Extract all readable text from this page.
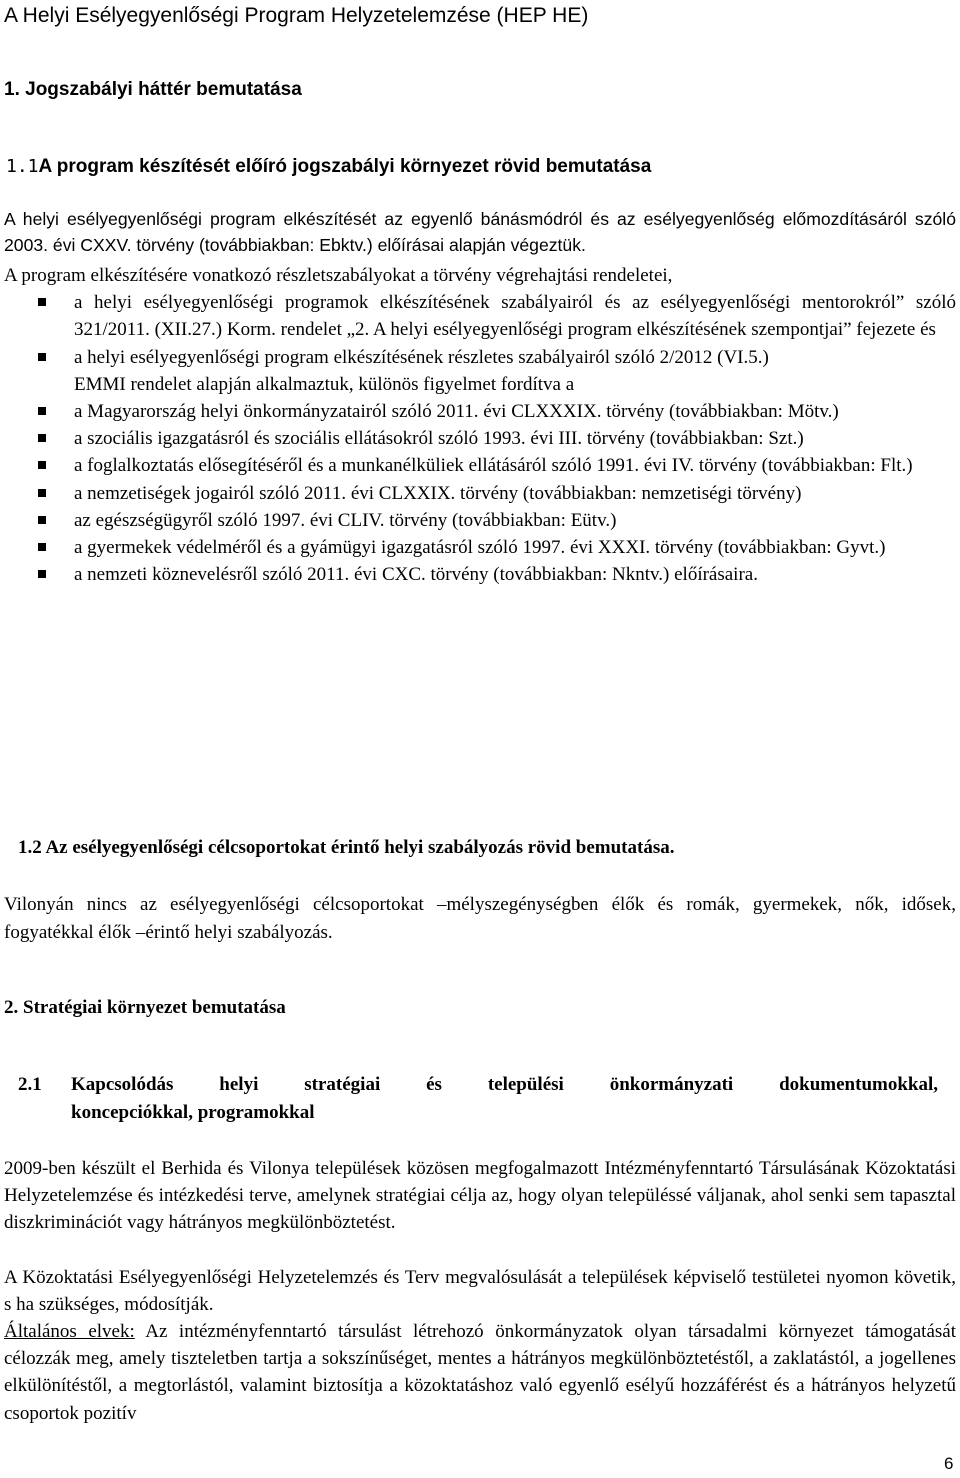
A Helyi Esélyegyenlőségi Program Helyzetelemzése (HEP HE)
1. Jogszabályi háttér bemutatása
1.1A program készítését előíró jogszabályi környezet rövid bemutatása
A helyi esélyegyenlőségi program elkészítését az egyenlő bánásmódról és az esélyegyenlőség előmozdításáról szóló 2003. évi CXXV. törvény (továbbiakban: Ebktv.) előírásai alapján végeztük.
A program elkészítésére vonatkozó részletszabályokat a törvény végrehajtási rendeletei,
a helyi esélyegyenlőségi programok elkészítésének szabályairól és az esélyegyenlőségi mentorokról” szóló 321/2011. (XII.27.) Korm. rendelet „2. A helyi esélyegyenlőségi program elkészítésének szempontjai” fejezete és
a helyi esélyegyenlőségi program elkészítésének részletes szabályairól szóló 2/2012 (VI.5.)
EMMI rendelet alapján alkalmaztuk, különös figyelmet fordítva a
a Magyarország helyi önkormányzatairól szóló 2011. évi CLXXXIX. törvény (továbbiakban: Mötv.)
a szociális igazgatásról és szociális ellátásokról szóló 1993. évi III. törvény (továbbiakban: Szt.)
a foglalkoztatás elősegítéséről és a munkanélküliek ellátásáról szóló 1991. évi IV. törvény (továbbiakban: Flt.)
a nemzetiségek jogairól szóló 2011. évi CLXXIX. törvény (továbbiakban: nemzetiségi törvény)
az egészségügyről szóló 1997. évi CLIV. törvény (továbbiakban: Eütv.)
a gyermekek védelméről és a gyámügyi igazgatásról szóló 1997. évi XXXI. törvény (továbbiakban: Gyvt.)
a nemzeti köznevelésről szóló 2011. évi CXC. törvény (továbbiakban: Nkntv.) előírásaira.
1.2 Az esélyegyenlőségi célcsoportokat érintő helyi szabályozás rövid bemutatása.
Vilonyán nincs az esélyegyenlőségi célcsoportokat –mélyszegénységben élők és romák, gyermekek, nők, idősek, fogyatékkal élők –érintő helyi szabályozás.
2. Stratégiai környezet bemutatása
2.1 Kapcsolódás helyi stratégiai és települési önkormányzati dokumentumokkal,
koncepciókkal, programokkal
2009-ben készült el Berhida és Vilonya települések közösen megfogalmazott Intézményfenntartó Társulásának Közoktatási Helyzetelemzése és intézkedési terve, amelynek stratégiai célja az, hogy olyan településsé váljanak, ahol senki sem tapasztal diszkriminációt vagy hátrányos megkülönböztetést.
A Közoktatási Esélyegyenlőségi Helyzetelemzés és Terv megvalósulását a települések képviselő testületei nyomon követik, s ha szükséges, módosítják.
Általános elvek: Az intézményfenntartó társulást létrehozó önkormányzatok olyan társadalmi környezet támogatását célozzák meg, amely tiszteletben tartja a sokszínűséget, mentes a hátrányos megkülönböztetéstől, a zaklatástól, a jogellenes elkülönítéstől, a megtorlástól, valamint biztosítja a közoktatáshoz való egyenlő esélyű hozzáférést és a hátrányos helyzetű csoportok pozitív
6
